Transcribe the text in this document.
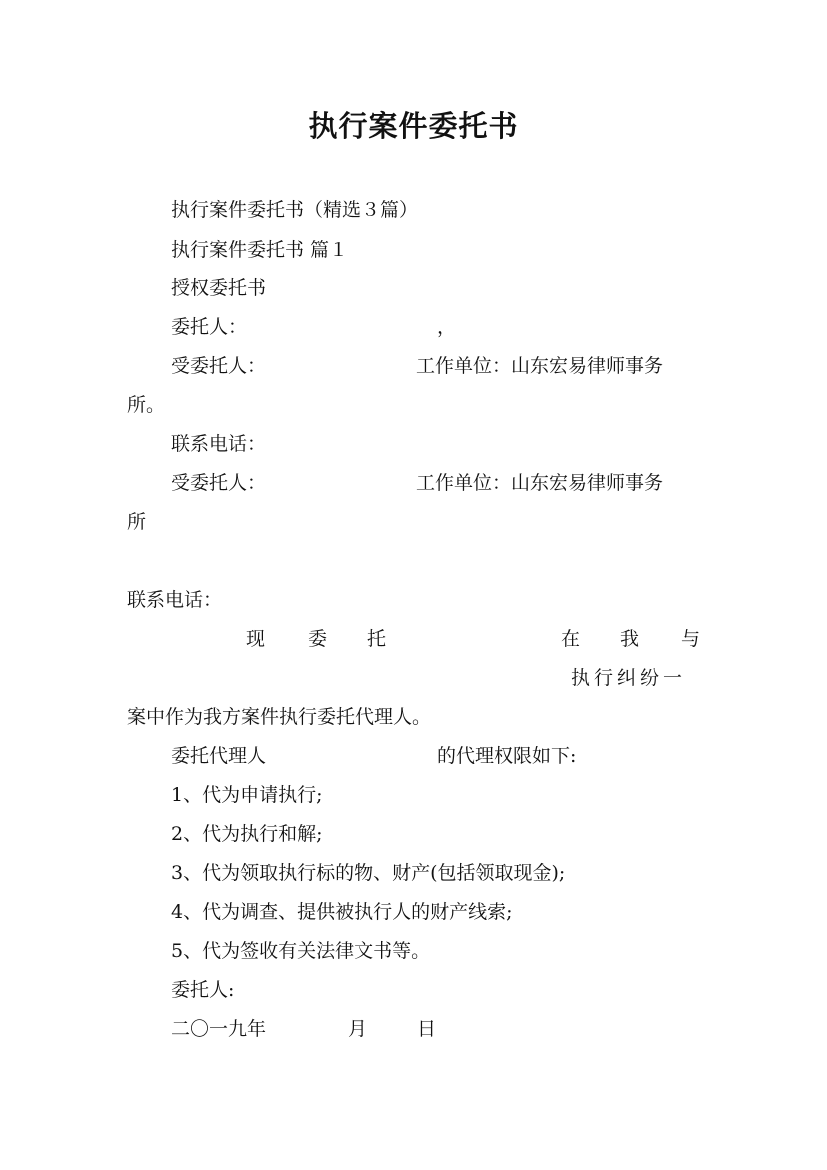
执行案件委托书
执行案件委托书（精选３篇）
执行案件委托书 篇１
授权委托书
委托人：	，
受委托人：	工作单位：山东宏易律师事务
所。
联系电话：
受委托人：	工作单位：山东宏易律师事务
所
联系电话：
现 委 托	在 我 与
执行纠纷一
案中作为我方案件执行委托代理人。
委托代理人	的代理权限如下:
1、代为申请执行;
2、代为执行和解;
3、代为领取执行标的物、财产(包括领取现金);
4、代为调查、提供被执行人的财产线索;
5、代为签收有关法律文书等。
委托人:
二〇一九年	月	日
